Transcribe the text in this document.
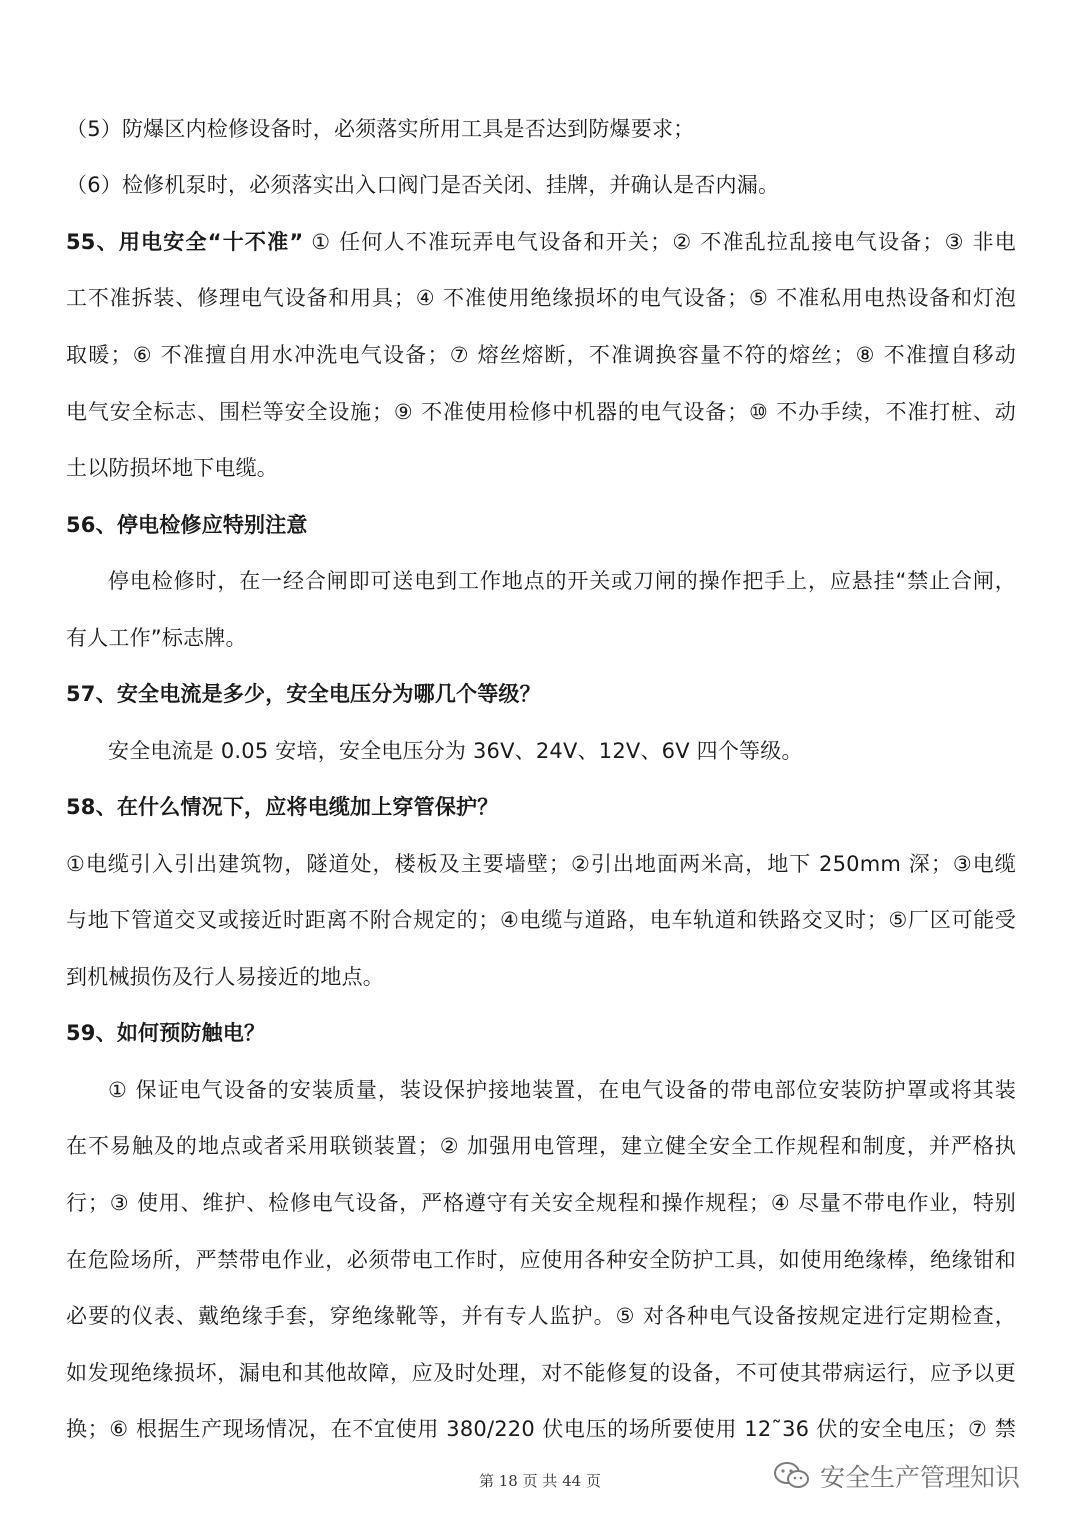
（5）防爆区内检修设备时，必须落实所用工具是否达到防爆要求；
（6）检修机泵时，必须落实出入口阀门是否关闭、挂牌，并确认是否内漏。
55、用电安全“十不准” ① 任何人不准玩弄电气设备和开关；② 不准乱拉乱接电气设备；③ 非电
工不准拆装、修理电气设备和用具；④ 不准使用绝缘损坏的电气设备；⑤ 不准私用电热设备和灯泡
取暖；⑥ 不准擅自用水冲洗电气设备；⑦ 熔丝熔断，不准调换容量不符的熔丝；⑧ 不准擅自移动
电气安全标志、围栏等安全设施；⑨ 不准使用检修中机器的电气设备；⑩ 不办手续，不准打桩、动
土以防损坏地下电缆。
56、停电检修应特别注意
停电检修时，在一经合闸即可送电到工作地点的开关或刀闸的操作把手上，应悬挂“禁止合闸，
有人工作”标志牌。
57、安全电流是多少，安全电压分为哪几个等级？
安全电流是 0.05 安培，安全电压分为 36V、24V、12V、6V 四个等级。
58、在什么情况下，应将电缆加上穿管保护？
①电缆引入引出建筑物，隧道处，楼板及主要墙壁；②引出地面两米高，地下 250mm 深；③电缆
与地下管道交叉或接近时距离不附合规定的；④电缆与道路，电车轨道和铁路交叉时；⑤厂区可能受
到机械损伤及行人易接近的地点。
59、如何预防触电？
① 保证电气设备的安装质量，装设保护接地装置，在电气设备的带电部位安装防护罩或将其装
在不易触及的地点或者采用联锁装置；② 加强用电管理，建立健全安全工作规程和制度，并严格执
行；③ 使用、维护、检修电气设备，严格遵守有关安全规程和操作规程；④ 尽量不带电作业，特别
在危险场所，严禁带电作业，必须带电工作时，应使用各种安全防护工具，如使用绝缘棒，绝缘钳和
必要的仪表、戴绝缘手套，穿绝缘靴等，并有专人监护。⑤ 对各种电气设备按规定进行定期检查，
如发现绝缘损坏，漏电和其他故障，应及时处理，对不能修复的设备，不可使其带病运行，应予以更
换；⑥ 根据生产现场情况，在不宜使用 380/220 伏电压的场所要使用 12˜36 伏的安全电压；⑦ 禁
第 18 页 共 44 页	安全生产管理知识
